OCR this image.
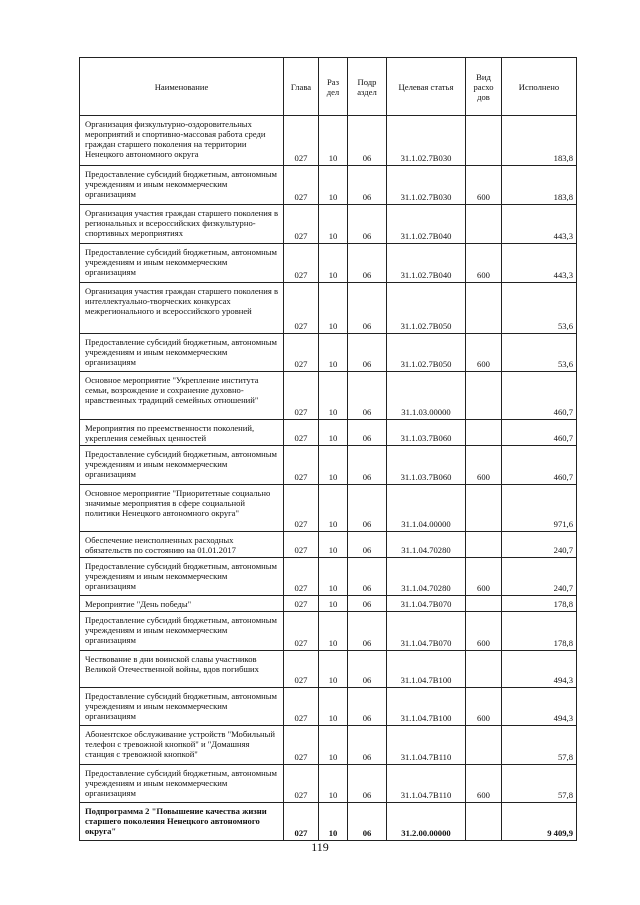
Наименование	Глава	Раз дел	Подр аздел	Целевая статья	Вид расхо дов	Исполнено
Организация физкультурно-оздоровительных мероприятий и спортивно-массовая работа среди граждан старшего поколения на территории Ненецкого автономного округа	027	10	06	31.1.02.7В030		183,8
Предоставление субсидий бюджетным, автономным учреждениям и иным некоммерческим организациям	027	10	06	31.1.02.7В030	600	183,8
Организация участия граждан старшего поколения в региональных и всероссийских физкультурно-спортивных мероприятиях	027	10	06	31.1.02.7В040		443,3
Предоставление субсидий бюджетным, автономным учреждениям и иным некоммерческим организациям	027	10	06	31.1.02.7В040	600	443,3
Организация участия граждан старшего поколения в интеллектуально-творческих конкурсах межрегионального и всероссийского уровней	027	10	06	31.1.02.7В050		53,6
Предоставление субсидий бюджетным, автономным учреждениям и иным некоммерческим организациям	027	10	06	31.1.02.7В050	600	53,6
Основное мероприятие "Укрепление института семьи, возрождение и сохранение духовно-нравственных традиций семейных отношений"	027	10	06	31.1.03.00000		460,7
Мероприятия по преемственности поколений, укрепления семейных ценностей	027	10	06	31.1.03.7В060		460,7
Предоставление субсидий бюджетным, автономным учреждениям и иным некоммерческим организациям	027	10	06	31.1.03.7В060	600	460,7
Основное мероприятие "Приоритетные социально значимые мероприятия в сфере социальной политики Ненецкого автономного округа"	027	10	06	31.1.04.00000		971,6
Обеспечение неисполненных расходных обязательств по состоянию на 01.01.2017	027	10	06	31.1.04.70280		240,7
Предоставление субсидий бюджетным, автономным учреждениям и иным некоммерческим организациям	027	10	06	31.1.04.70280	600	240,7
Мероприятие "День победы"	027	10	06	31.1.04.7В070		178,8
Предоставление субсидий бюджетным, автономным учреждениям и иным некоммерческим организациям	027	10	06	31.1.04.7В070	600	178,8
Чествование в дни воинской славы участников Великой Отечественной войны, вдов погибших	027	10	06	31.1.04.7В100		494,3
Предоставление субсидий бюджетным, автономным учреждениям и иным некоммерческим организациям	027	10	06	31.1.04.7В100	600	494,3
Абонентское обслуживание устройств "Мобильный телефон с тревожной кнопкой" и "Домашняя станция с тревожной кнопкой"	027	10	06	31.1.04.7В110		57,8
Предоставление субсидий бюджетным, автономным учреждениям и иным некоммерческим организациям	027	10	06	31.1.04.7В110	600	57,8
Подпрограмма 2 "Повышение качества жизни старшего поколения Ненецкого автономного округа"	027	10	06	31.2.00.00000		9 409,9
119
